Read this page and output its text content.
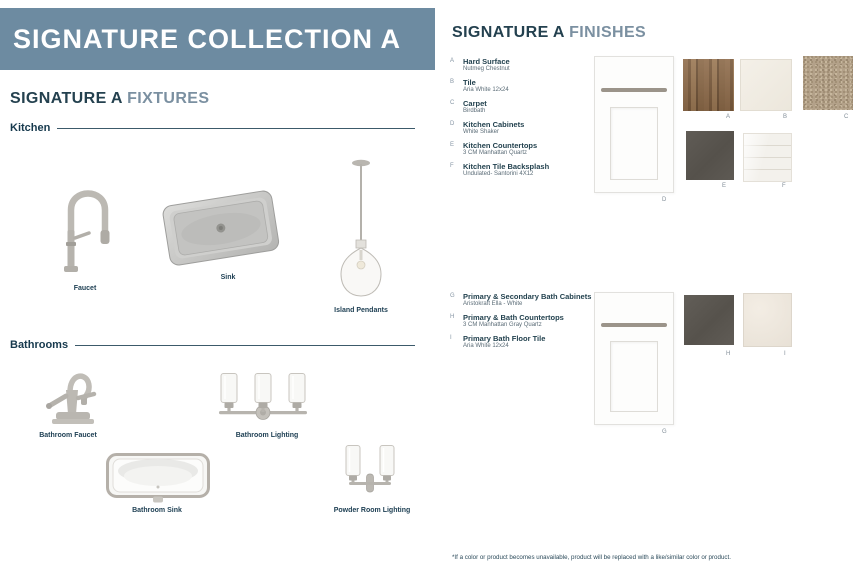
SIGNATURE COLLECTION A
SIGNATURE A FIXTURES
Kitchen
Faucet
Sink
Island Pendants
Bathrooms
Bathroom Faucet	Bathroom Lighting
Bathroom Sink	Powder Room Lighting
SIGNATURE A FINISHES
A	Hard Surface
Nutmeg Chestnut
B	Tile
Aria White 12x24
C	Carpet
Birdbath
D	Kitchen Cabinets
White Shaker
E	Kitchen Countertops
3 CM Manhattan Quartz
F	Kitchen Tile Backsplash
Undulated- Santorini 4X12
G	Primary & Secondary Bath Cabinets
Aristokraft Ella - White
H	Primary & Bath Countertops
3 CM Manhattan Gray Quartz
I	Primary Bath Floor Tile
Aria White 12x24
D
A	B	C
E	F
G
H	I
*If a color or product becomes unavailable, product will be replaced with a like/similar color or product.
